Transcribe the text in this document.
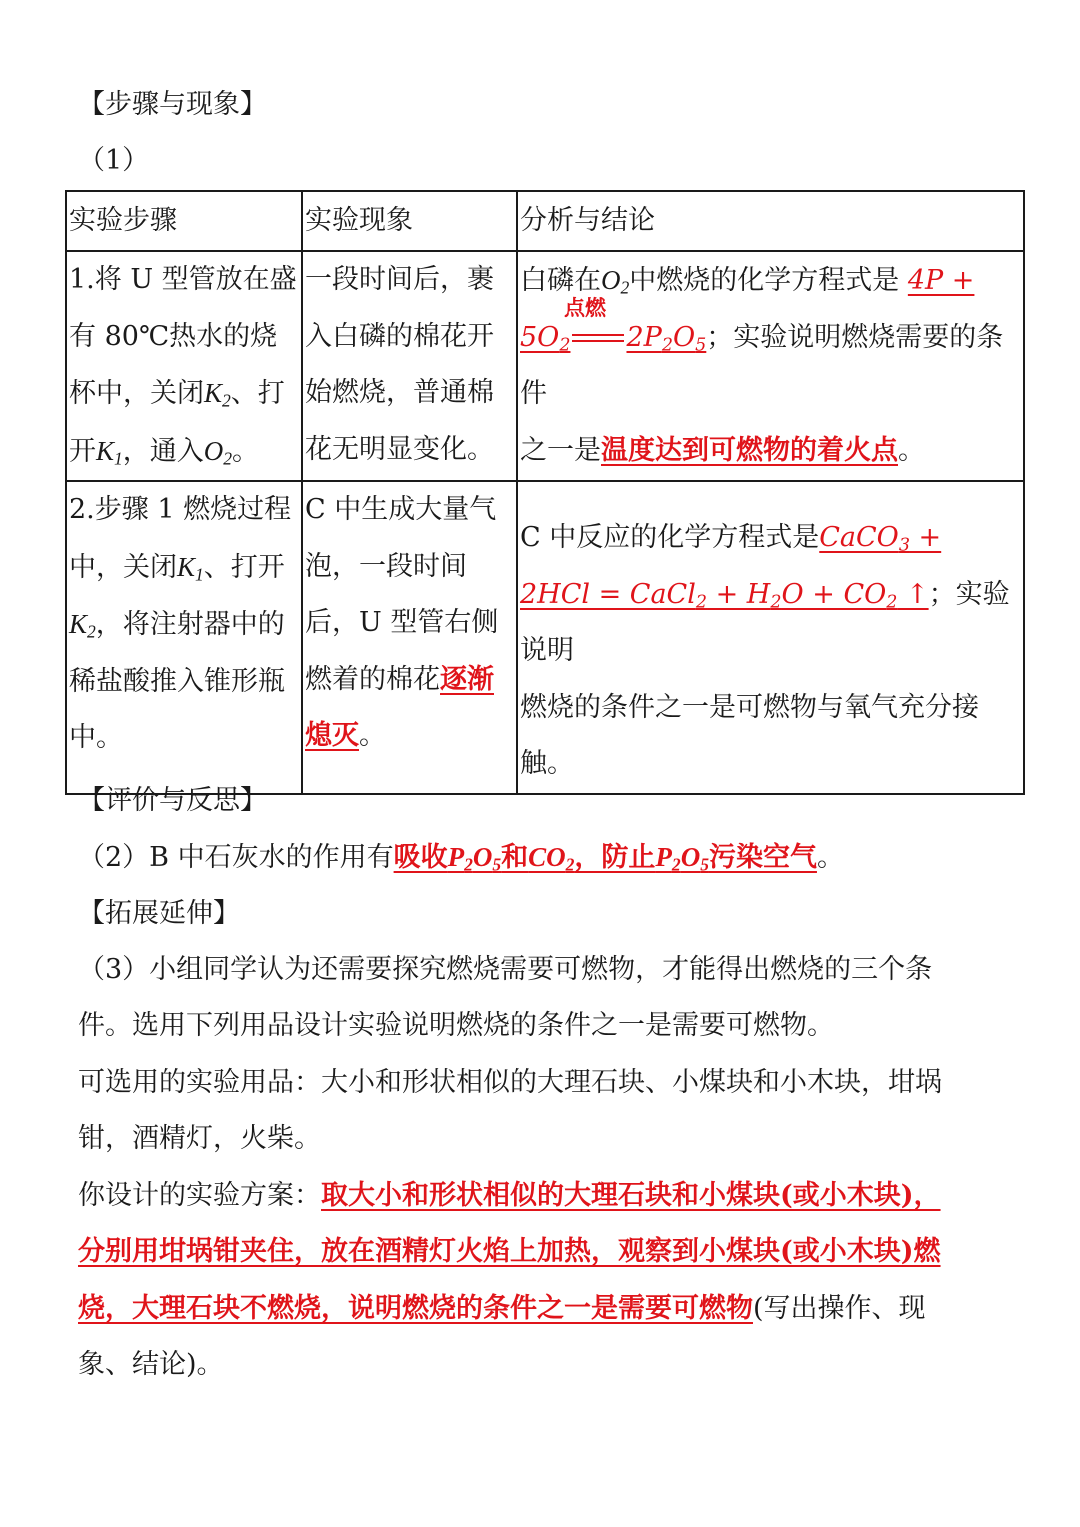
【步骤与现象】
（1）
实验步骤	实验现象	分析与结论
1.将 U 型管放在盛
有 80℃热水的烧
杯中，关闭$K_2$、打
开$K_1$，通入$O_2$。	一段时间后，裹入白磷的棉花开始燃烧，普通棉花无明显变化。	白磷在$O_2$中燃烧的化学方程式是 4P +

点燃
$5O_2$ $2P_2O_5$；实验说明燃烧需要的条件
之一是温度达到可燃物的着火点。
2.步骤 1 燃烧过程
中，关闭$K_1$、打开
$K_2$，将注射器中的
稀盐酸推入锥形瓶
中。	C 中生成大量气泡，一段时间后，U 型管右侧燃着的棉花逐渐熄灭。	C 中反应的化学方程式是CaCO$_3$ +
2HCl = CaCl$_2$ + $H_2O + CO_2$ ↑；实验说明
燃烧的条件之一是可燃物与氧气充分接触。
【评价与反思】
（2）B 中石灰水的作用有吸收$P_2O_5$和$CO_2$，防止$P_2O_5$污染空气。
【拓展延伸】
（3）小组同学认为还需要探究燃烧需要可燃物，才能得出燃烧的三个条
件。选用下列用品设计实验说明燃烧的条件之一是需要可燃物。
可选用的实验用品：大小和形状相似的大理石块、小煤块和小木块，坩埚
钳，酒精灯，火柴。
你设计的实验方案：取大小和形状相似的大理石块和小煤块(或小木块)，
分别用坩埚钳夹住，放在酒精灯火焰上加热，观察到小煤块(或小木块)燃
烧，大理石块不燃烧，说明燃烧的条件之一是需要可燃物(写出操作、现
象、结论)。
